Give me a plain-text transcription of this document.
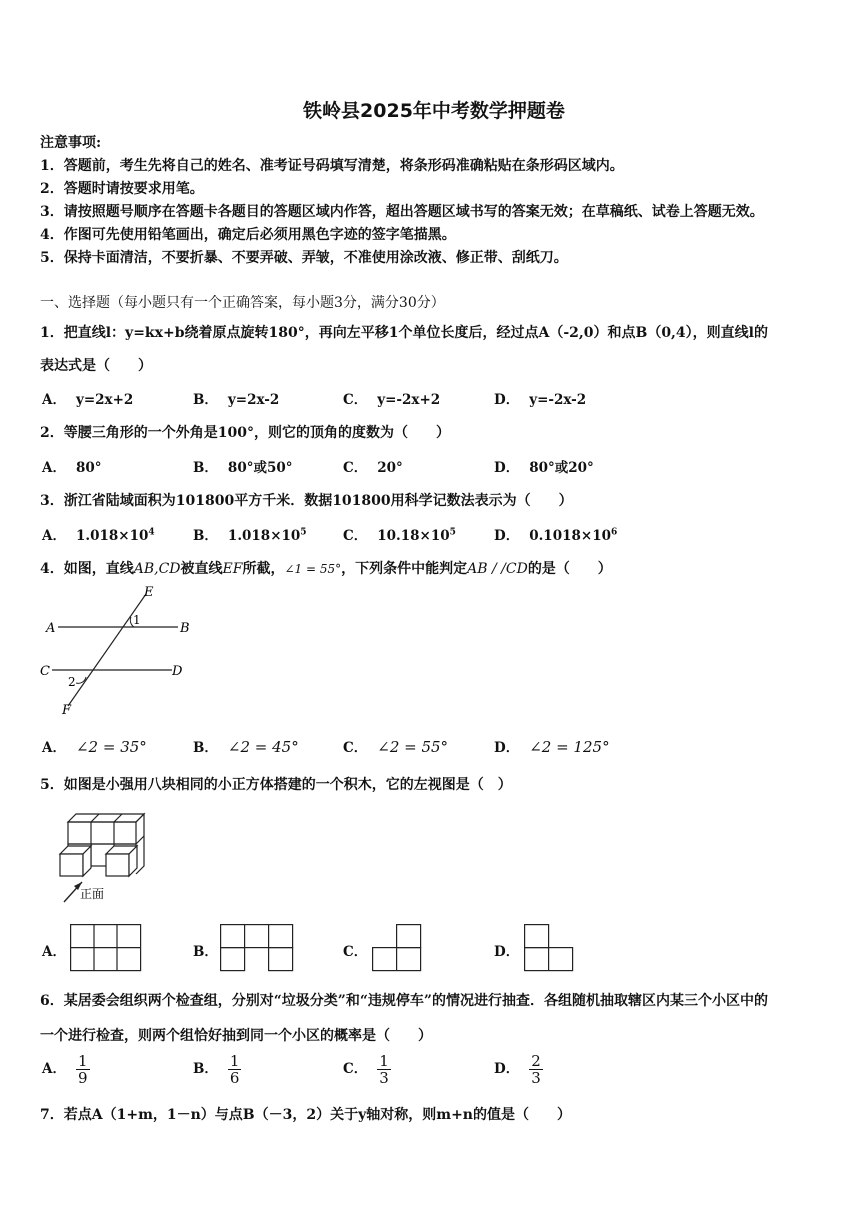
铁岭县2025年中考数学押题卷
注意事项:
1．答题前，考生先将自己的姓名、准考证号码填写清楚，将条形码准确粘贴在条形码区域内。
2．答题时请按要求用笔。
3．请按照题号顺序在答题卡各题目的答题区域内作答，超出答题区域书写的答案无效；在草稿纸、试卷上答题无效。
4．作图可先使用铅笔画出，确定后必须用黑色字迹的签字笔描黑。
5．保持卡面清洁，不要折暴、不要弄破、弄皱，不准使用涂改液、修正带、刮纸刀。
一、选择题（每小题只有一个正确答案，每小题3分，满分30分）
1．把直线l：y=kx+b绕着原点旋转180°，再向左平移1个单位长度后，经过点A（-2,0）和点B（0,4），则直线l的
表达式是（　　）
A． y=2x+2	B． y=2x-2	C． y=-2x+2	D． y=-2x-2
2．等腰三角形的一个外角是100°，则它的顶角的度数为（　　）
A． 80°	B． 80°或50°	C． 20°	D． 80°或20°
3．浙江省陆域面积为101800平方千米．数据101800用科学记数法表示为（　　）
A． $1.018\times 10^4$	B． $1.018\times 10^5$	C． $10.18\times 10^5$	D． $0.1018\times 10^6$
4．如图，直线AB,CD被直线EF所截，∠1 = 55°，下列条件中能判定AB / /CD的是（　　）
E
A
1
B
C	D
2
F
A． ∠2 = 35°	B． ∠2 = 45°	C． ∠2 = 55°	D． ∠2 = 125°
5．如图是小强用八块相同的小正方体搭建的一个积木，它的左视图是（　）
正面
A．	B．	C．	D．
6．某居委会组织两个检查组，分别对“垃圾分类”和“违规停车”的情况进行抽查．各组随机抽取辖区内某三个小区中的
一个进行检查，则两个组恰好抽到同一个小区的概率是（　　）
A． $\frac{1}{9}$	B． $\frac{1}{6}$	C． $\frac{1}{3}$	D． $\frac{2}{3}$
7．若点A（1+m，1－n）与点B（－3，2）关于y轴对称，则m+n的值是（　　）
